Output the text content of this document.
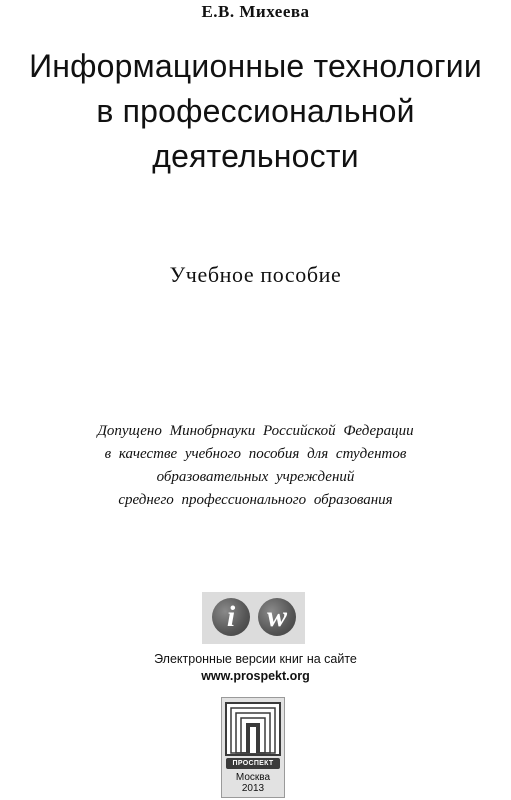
Е.В. Михеева
Информационные технологии
в профессиональной
деятельности
Учебное пособие
Допущено Минобрнауки Российской Федерации
в качестве учебного пособия для студентов
образовательных учреждений
среднего профессионального образования
i	w
Электронные версии книг на сайте
www.prospekt.org
ПРОСПЕКТ
Москва
2013
